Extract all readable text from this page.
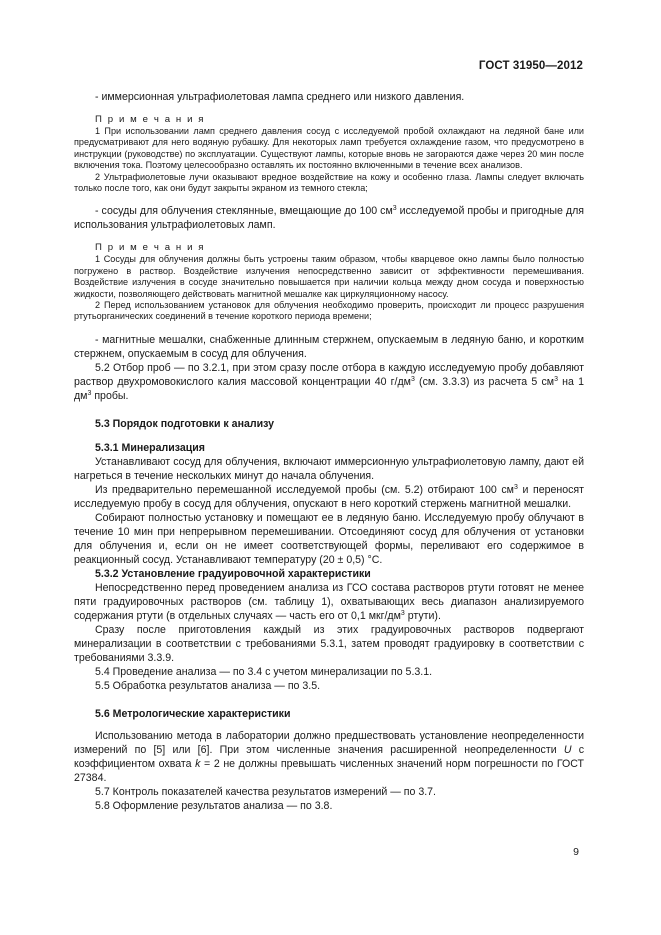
ГОСТ 31950—2012

- иммерсионная ультрафиолетовая лампа среднего или низкого давления.

П р и м е ч а н и я

1 При использовании ламп среднего давления сосуд с исследуемой пробой охлаждают на ледяной бане или предусматривают для него водяную рубашку. Для некоторых ламп требуется охлаждение газом, что предусмотрено в инструкции (руководстве) по эксплуатации. Существуют лампы, которые вновь не загораются даже через 20 мин после включения тока. Поэтому целесообразно оставлять их постоянно включенными в течение всех анализов.

2 Ультрафиолетовые лучи оказывают вредное воздействие на кожу и особенно глаза. Лампы следует включать только после того, как они будут закрыты экраном из темного стекла;

- сосуды для облучения стеклянные, вмещающие до 100 $см^3$ исследуемой пробы и пригодные для использования ультрафиолетовых ламп.

П р и м е ч а н и я

1 Сосуды для облучения должны быть устроены таким образом, чтобы кварцевое окно лампы было полностью погружено в раствор. Воздействие излучения непосредственно зависит от эффективности перемешивания. Воздействие излучения в сосуде значительно повышается при наличии кольца между дном сосуда и поверхностью жидкости, позволяющего действовать магнитной мешалке как циркуляционному насосу.

2 Перед использованием установок для облучения необходимо проверить, происходит ли процесс разрушения ртутьорганических соединений в течение короткого периода времени;

- магнитные мешалки, снабженные длинным стержнем, опускаемым в ледяную баню, и коротким стержнем, опускаемым в сосуд для облучения.

5.2 Отбор проб — по 3.2.1, при этом сразу после отбора в каждую исследуемую пробу добавляют раствор двухромовокислого калия массовой концентрации 40 $г/дм^3$ (см. 3.3.3) из расчета 5 $см^3$ на 1 $дм^3$ пробы.

5.3 Порядок подготовки к анализу

5.3.1 Минерализация

Устанавливают сосуд для облучения, включают иммерсионную ультрафиолетовую лампу, дают ей нагреться в течение нескольких минут до начала облучения.

Из предварительно перемешанной исследуемой пробы (см. 5.2) отбирают 100 $см^3$ и переносят исследуемую пробу в сосуд для облучения, опускают в него короткий стержень магнитной мешалки.

Собирают полностью установку и помещают ее в ледяную баню. Исследуемую пробу облучают в течение 10 мин при непрерывном перемешивании. Отсоединяют сосуд для облучения от установки для облучения и, если он не имеет соответствующей формы, переливают его содержимое в реакционный сосуд. Устанавливают температуру (20 ± 0,5) °С.

5.3.2 Установление градуировочной характеристики

Непосредственно перед проведением анализа из ГСО состава растворов ртути готовят не менее пяти градуировочных растворов (см. таблицу 1), охватывающих весь диапазон анализируемого содержания ртути (в отдельных случаях — часть его от 0,1 мкг/$дм^3$ ртути).

Сразу после приготовления каждый из этих градуировочных растворов подвергают минерализации в соответствии с требованиями 5.3.1, затем проводят градуировку в соответствии с требованиями 3.3.9.

5.4 Проведение анализа — по 3.4 с учетом минерализации по 5.3.1.

5.5 Обработка результатов анализа — по 3.5.

5.6 Метрологические характеристики

Использованию метода в лаборатории должно предшествовать установление неопределенности измерений по [5] или [6]. При этом численные значения расширенной неопределенности U с коэффициентом охвата k = 2 не должны превышать численных значений норм погрешности по ГОСТ 27384.

5.7 Контроль показателей качества результатов измерений — по 3.7.

5.8 Оформление результатов анализа — по 3.8.

9
